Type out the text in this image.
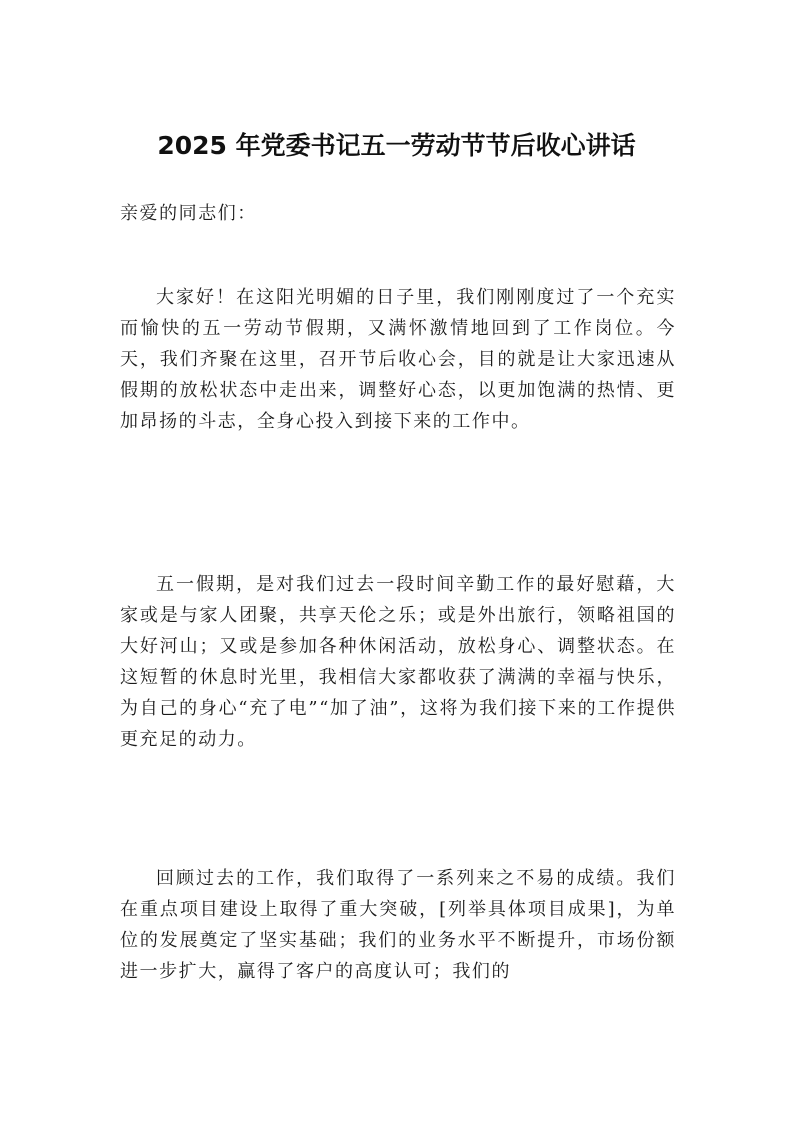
2025 年党委书记五一劳动节节后收心讲话

亲爱的同志们：

大家好！在这阳光明媚的日子里，我们刚刚度过了一个充实而愉快的五一劳动节假期，又满怀激情地回到了工作岗位。今天，我们齐聚在这里，召开节后收心会，目的就是让大家迅速从假期的放松状态中走出来，调整好心态，以更加饱满的热情、更加昂扬的斗志，全身心投入到接下来的工作中。

五一假期，是对我们过去一段时间辛勤工作的最好慰藉，大家或是与家人团聚，共享天伦之乐；或是外出旅行，领略祖国的大好河山；又或是参加各种休闲活动，放松身心、调整状态。在这短暂的休息时光里，我相信大家都收获了满满的幸福与快乐，为自己的身心“充了电”“加了油”，这将为我们接下来的工作提供更充足的动力。

回顾过去的工作，我们取得了一系列来之不易的成绩。我们在重点项目建设上取得了重大突破，[列举具体项目成果]，为单位的发展奠定了坚实基础；我们的业务水平不断提升，市场份额进一步扩大，赢得了客户的高度认可；我们的
